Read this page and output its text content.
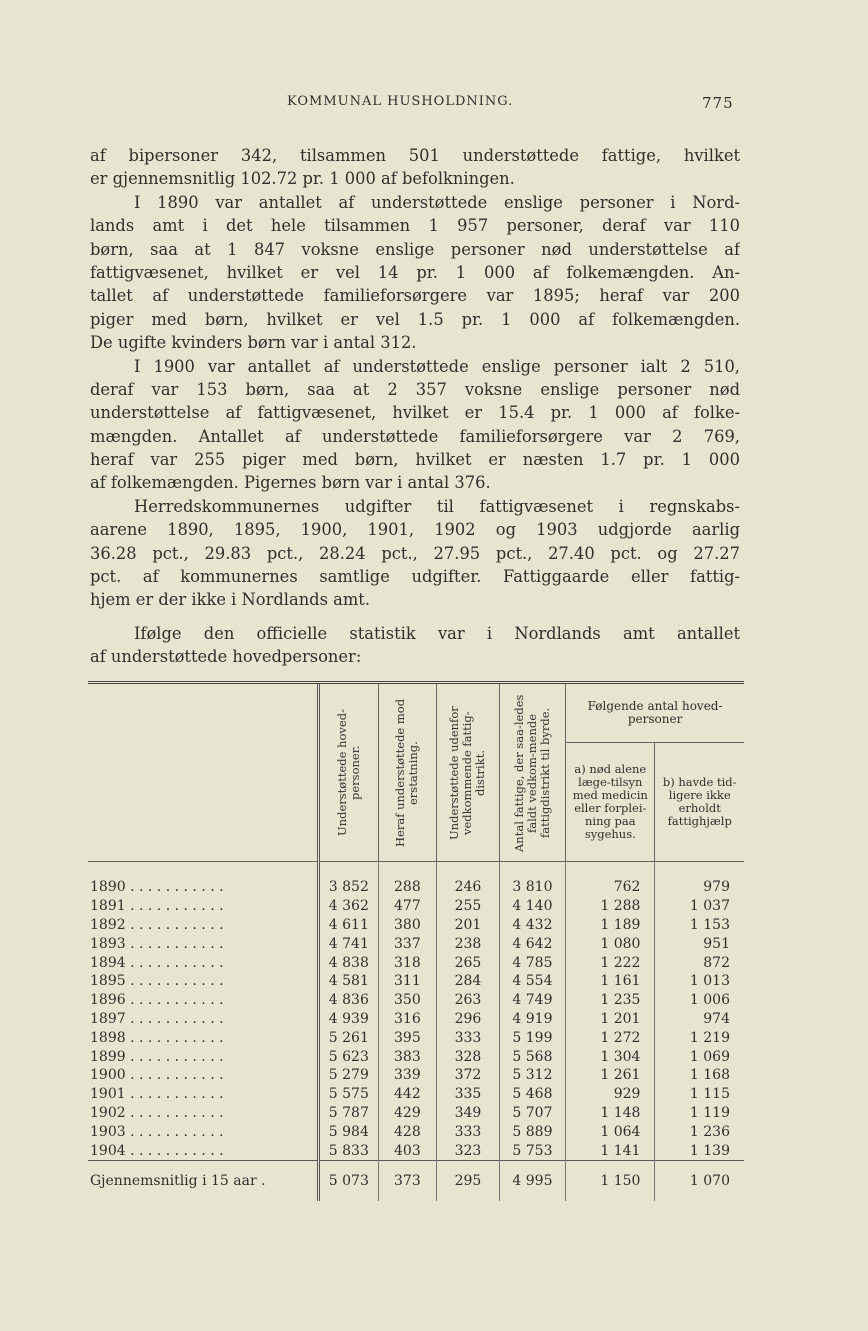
KOMMUNAL HUSHOLDNING.	775
af bipersoner 342, tilsammen 501 understøttede fattige, hvilket
er gjennemsnitlig 102.72 pr. 1 000 af befolkningen.
I 1890 var antallet af understøttede enslige personer i Nord-
lands amt i det hele tilsammen 1 957 personer, deraf var 110
børn, saa at 1 847 voksne enslige personer nød understøttelse af
fattigvæsenet, hvilket er vel 14 pr. 1 000 af folkemængden. An-
tallet af understøttede familieforsørgere var 1895; heraf var 200
piger med børn, hvilket er vel 1.5 pr. 1 000 af folkemængden.
De ugifte kvinders børn var i antal 312.
I 1900 var antallet af understøttede enslige personer ialt 2 510,
deraf var 153 børn, saa at 2 357 voksne enslige personer nød
understøttelse af fattigvæsenet, hvilket er 15.4 pr. 1 000 af folke-
mængden. Antallet af understøttede familieforsørgere var 2 769,
heraf var 255 piger med børn, hvilket er næsten 1.7 pr. 1 000
af folkemængden. Pigernes børn var i antal 376.
Herredskommunernes udgifter til fattigvæsenet i regnskabs-
aarene 1890, 1895, 1900, 1901, 1902 og 1903 udgjorde aarlig
36.28 pct., 29.83 pct., 28.24 pct., 27.95 pct., 27.40 pct. og 27.27
pct. af kommunernes samtlige udgifter. Fattiggaarde eller fattig-
hjem er der ikke i Nordlands amt.
Ifølge den officielle statistik var i Nordlands amt antallet
af understøttede hovedpersoner:

	Understøttede hoved-personer.	Heraf understøttede mod erstatning.	Understøttede udenfor vedkommende fattig-distrikt.	Antal fattige, der saa-ledes faldt vedkom-mende fattigdistrikt til byrde.	Følgende antal hoved-personer	
					a) nød alene læge-tilsyn med medicin eller forplei-ning paa sygehus.	b) havde tid-ligere ikke erholdt fattighjælp
1890 . . . . . . . . . . .	3 852	288	246	3 810	762	979
1891 . . . . . . . . . . .	4 362	477	255	4 140	1 288	1 037
1892 . . . . . . . . . . .	4 611	380	201	4 432	1 189	1 153
1893 . . . . . . . . . . .	4 741	337	238	4 642	1 080	951
1894 . . . . . . . . . . .	4 838	318	265	4 785	1 222	872
1895 . . . . . . . . . . .	4 581	311	284	4 554	1 161	1 013
1896 . . . . . . . . . . .	4 836	350	263	4 749	1 235	1 006
1897 . . . . . . . . . . .	4 939	316	296	4 919	1 201	974
1898 . . . . . . . . . . .	5 261	395	333	5 199	1 272	1 219
1899 . . . . . . . . . . .	5 623	383	328	5 568	1 304	1 069
1900 . . . . . . . . . . .	5 279	339	372	5 312	1 261	1 168
1901 . . . . . . . . . . .	5 575	442	335	5 468	929	1 115
1902 . . . . . . . . . . .	5 787	429	349	5 707	1 148	1 119
1903 . . . . . . . . . . .	5 984	428	333	5 889	1 064	1 236
1904 . . . . . . . . . . .	5 833	403	323	5 753	1 141	1 139
Gjennemsnitlig i 15 aar .	5 073	373	295	4 995	1 150	1 070
